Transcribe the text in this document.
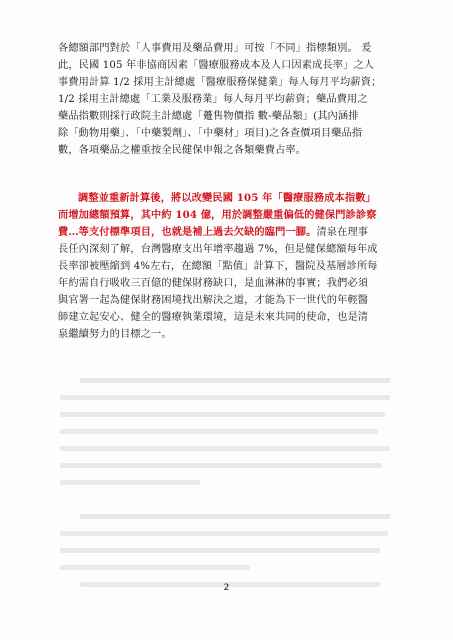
各總額部門對於「人事費用及藥品費用」可按「不同」指標類別。 爰
此，民國 105 年非協商因素「醫療服務成本及人口因素成長率」之人
事費用計算 1/2 採用主計總處「醫療服務保健業」每人每月平均薪資；
1/2 採用主計總處「工業及服務業」每人每月平均薪資；藥品費用之
藥品指數則採行政院主計總處「躉售物價指 數-藥品類」(其內涵排
除「動物用藥」、「中藥製劑」、「中藥材」項目)之各查價項目藥品指
數，各項藥品之權重按全民健保申報之各類藥費占率。
調整並重新計算後，將以改變民國 105 年「醫療服務成本指數」
而增加總額預算，其中約 104 億，用於調整嚴重偏低的健保門診診察
費…等支付標準項目，也就是補上過去欠缺的臨門一腳。清泉在理事
長任內深刻了解，台灣醫療支出年增率趨過 7%，但是健保總額每年成
長率卻被壓縮到 4%左右，在總額「點值」計算下，醫院及基層診所每
年約需自行吸收三百億的健保財務缺口，是血淋淋的事實；我們必須
與官署一起為健保財務困境找出解決之道，才能為下一世代的年輕醫
師建立起安心、健全的醫療執業環境，這是未來共同的使命，也是清
泉繼續努力的目標之一。
2
